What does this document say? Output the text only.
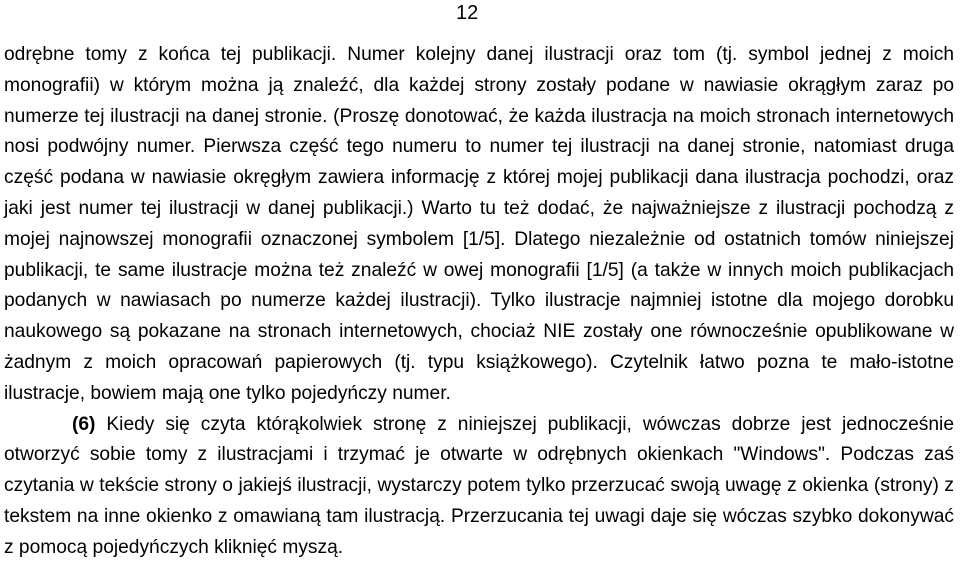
12

odrębne tomy z końca tej publikacji. Numer kolejny danej ilustracji oraz tom (tj. symbol jednej z moich monografii) w którym można ją znaleźć, dla każdej strony zostały podane w nawiasie okrągłym zaraz po numerze tej ilustracji na danej stronie. (Proszę donotować, że każda ilustracja na moich stronach internetowych nosi podwójny numer. Pierwsza część tego numeru to numer tej ilustracji na danej stronie, natomiast druga część podana w nawiasie okręgłym zawiera informację z której mojej publikacji dana ilustracja pochodzi, oraz jaki jest numer tej ilustracji w danej publikacji.) Warto tu też dodać, że najważniejsze z ilustracji pochodzą z mojej najnowszej monografii oznaczonej symbolem [1/5]. Dlatego niezależnie od ostatnich tomów niniejszej publikacji, te same ilustracje można też znaleźć w owej monografii [1/5] (a także w innych moich publikacjach podanych w nawiasach po numerze każdej ilustracji). Tylko ilustracje najmniej istotne dla mojego dorobku naukowego są pokazane na stronach internetowych, chociaż NIE zostały one równocześnie opublikowane w żadnym z moich opracowań papierowych (tj. typu książkowego). Czytelnik łatwo pozna te mało-istotne ilustracje, bowiem mają one tylko pojedyńczy numer.

(6) Kiedy się czyta którąkolwiek stronę z niniejszej publikacji, wówczas dobrze jest jednocześnie otworzyć sobie tomy z ilustracjami i trzymać je otwarte w odrębnych okienkach "Windows". Podczas zaś czytania w tekście strony o jakiejś ilustracji, wystarczy potem tylko przerzucać swoją uwagę z okienka (strony) z tekstem na inne okienko z omawianą tam ilustracją. Przerzucania tej uwagi daje się wóczas szybko dokonywać z pomocą pojedyńczych kliknięć myszą.
